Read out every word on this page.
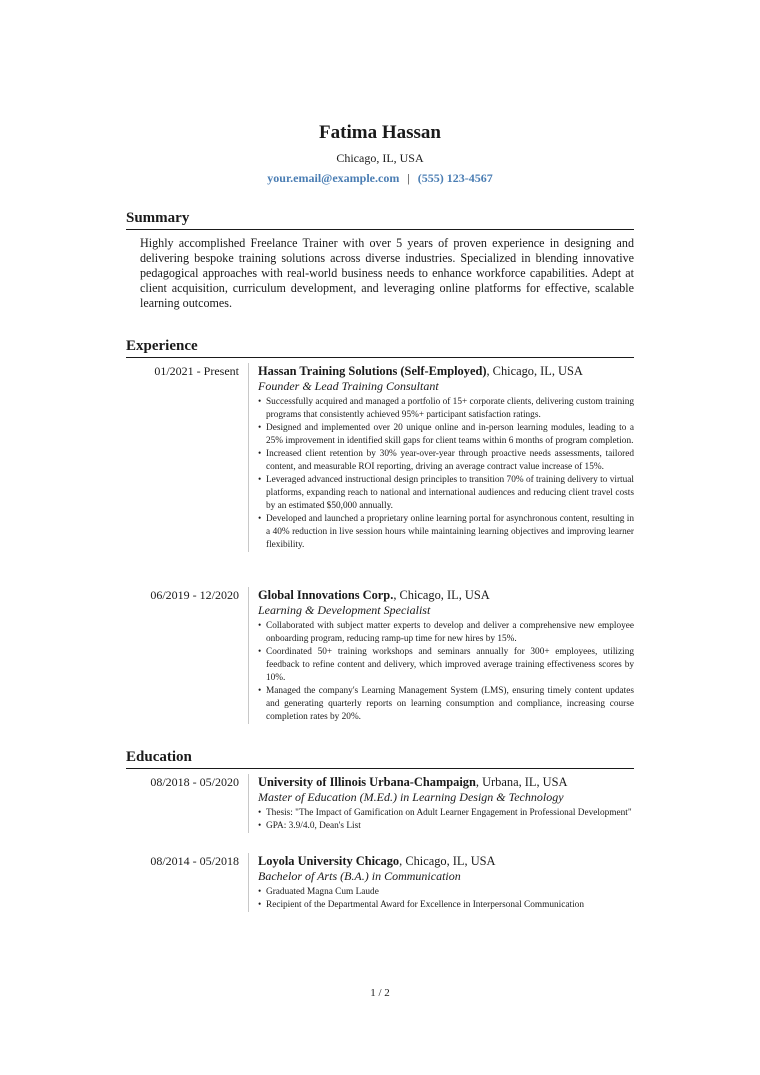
Fatima Hassan
Chicago, IL, USA
your.email@example.com | (555) 123-4567
Summary
Highly accomplished Freelance Trainer with over 5 years of proven experience in designing and delivering bespoke training solutions across diverse industries. Specialized in blending innovative pedagogical approaches with real-world business needs to enhance workforce capabilities. Adept at client acquisition, curriculum development, and leveraging online platforms for effective, scalable learning outcomes.
Experience
01/2021 - Present Hassan Training Solutions (Self-Employed), Chicago, IL, USA
Founder & Lead Training Consultant
• Successfully acquired and managed a portfolio of 15+ corporate clients, delivering custom training programs that consistently achieved 95%+ participant satisfaction ratings.
• Designed and implemented over 20 unique online and in-person learning modules, leading to a 25% improvement in identified skill gaps for client teams within 6 months of program completion.
• Increased client retention by 30% year-over-year through proactive needs assessments, tailored content, and measurable ROI reporting, driving an average contract value increase of 15%.
• Leveraged advanced instructional design principles to transition 70% of training delivery to virtual platforms, expanding reach to national and international audiences and reducing client travel costs by an estimated $50,000 annually.
• Developed and launched a proprietary online learning portal for asynchronous content, resulting in a 40% reduction in live session hours while maintaining learning objectives and improving learner flexibility.
06/2019 - 12/2020 Global Innovations Corp., Chicago, IL, USA
Learning & Development Specialist
• Collaborated with subject matter experts to develop and deliver a comprehensive new employee onboarding program, reducing ramp-up time for new hires by 15%.
• Coordinated 50+ training workshops and seminars annually for 300+ employees, utilizing feedback to refine content and delivery, which improved average training effectiveness scores by 10%.
• Managed the company's Learning Management System (LMS), ensuring timely content updates and generating quarterly reports on learning consumption and compliance, increasing course completion rates by 20%.
Education
08/2018 - 05/2020 University of Illinois Urbana-Champaign, Urbana, IL, USA
Master of Education (M.Ed.) in Learning Design & Technology
• Thesis: "The Impact of Gamification on Adult Learner Engagement in Professional Development"
• GPA: 3.9/4.0, Dean's List
08/2014 - 05/2018 Loyola University Chicago, Chicago, IL, USA
Bachelor of Arts (B.A.) in Communication
• Graduated Magna Cum Laude
• Recipient of the Departmental Award for Excellence in Interpersonal Communication
1 / 2
